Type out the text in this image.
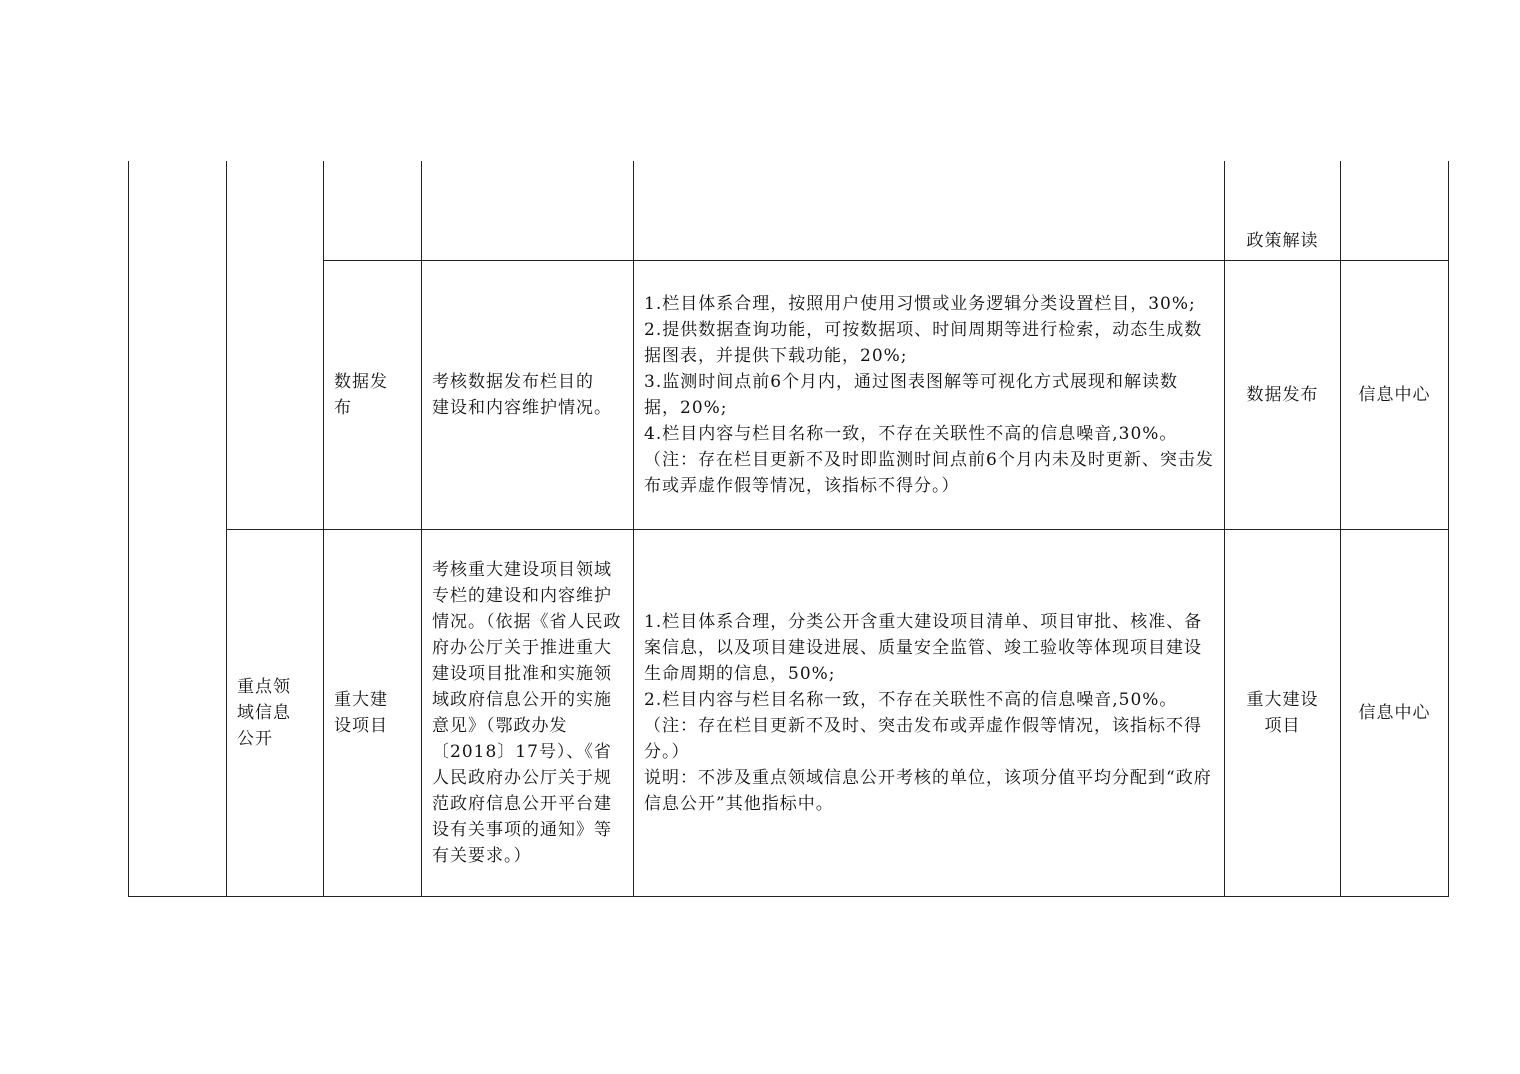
					政策解读	
		数据发
布	考核数据发布栏目的
建设和内容维护情况。	1.栏目体系合理，按照用户使用习惯或业务逻辑分类设置栏目，30%;
2.提供数据查询功能，可按数据项、时间周期等进行检索，动态生成数据图表，并提供下载功能，20%;
3.监测时间点前6个月内，通过图表图解等可视化方式展现和解读数据，20%;
4.栏目内容与栏目名称一致，不存在关联性不高的信息噪音,30%。
（注：存在栏目更新不及时即监测时间点前6个月内未及时更新、突击发布或弄虚作假等情况，该指标不得分。）	数据发布	信息中心
	重点领
域信息
公开	重大建
设项目	考核重大建设项目领域专栏的建设和内容维护情况。（依据《省人民政府办公厅关于推进重大建设项目批准和实施领域政府信息公开的实施意见》（鄂政办发〔2018〕17号）、《省人民政府办公厅关于规范政府信息公开平台建设有关事项的通知》等有关要求。）	1.栏目体系合理，分类公开含重大建设项目清单、项目审批、核准、备案信息，以及项目建设进展、质量安全监管、竣工验收等体现项目建设生命周期的信息，50%;
2.栏目内容与栏目名称一致，不存在关联性不高的信息噪音,50%。
（注：存在栏目更新不及时、突击发布或弄虚作假等情况，该指标不得分。）
说明：不涉及重点领域信息公开考核的单位，该项分值平均分配到“政府信息公开”其他指标中。	重大建设
项目	信息中心
